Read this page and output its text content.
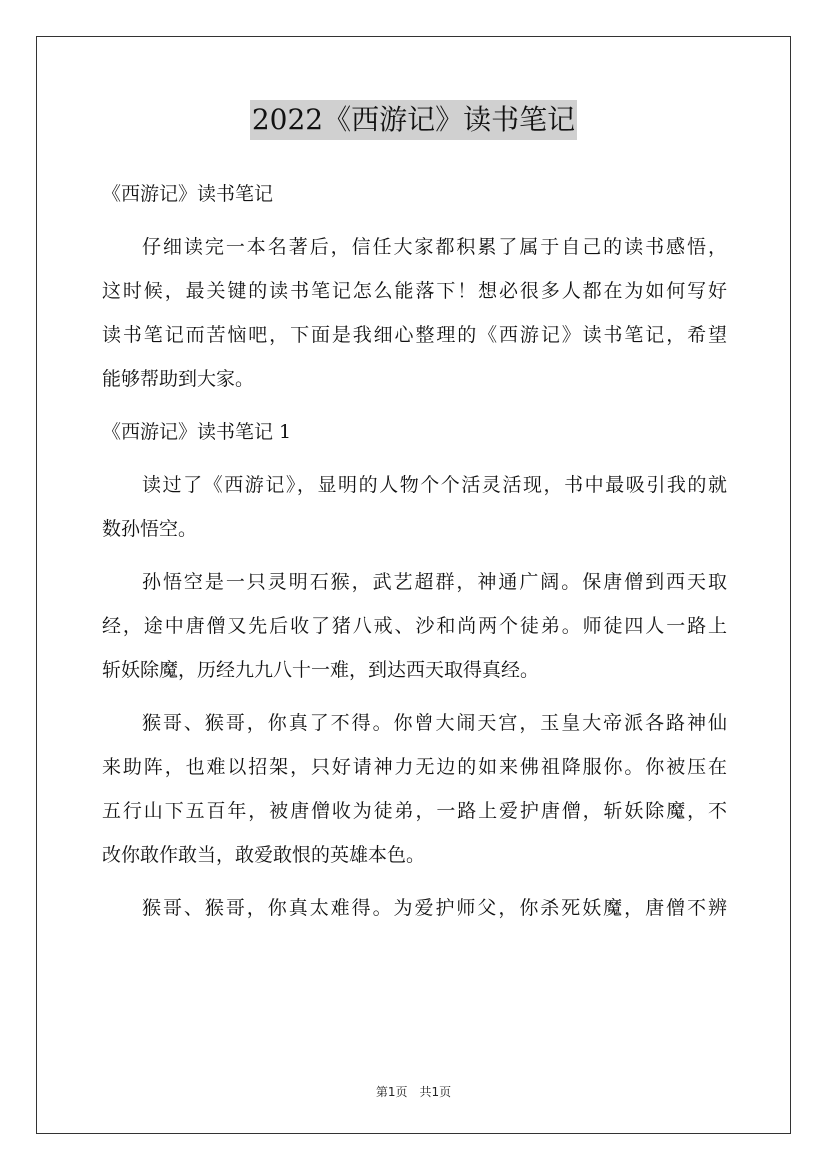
2022《西游记》读书笔记
《西游记》读书笔记
仔细读完一本名著后，信任大家都积累了属于自己的读书感悟，
这时候，最关键的读书笔记怎么能落下！想必很多人都在为如何写好
读书笔记而苦恼吧，下面是我细心整理的《西游记》读书笔记，希望
能够帮助到大家。
《西游记》读书笔记 1
读过了《西游记》，显明的人物个个活灵活现，书中最吸引我的就
数孙悟空。
孙悟空是一只灵明石猴，武艺超群，神通广阔。保唐僧到西天取
经，途中唐僧又先后收了猪八戒、沙和尚两个徒弟。师徒四人一路上
斩妖除魔，历经九九八十一难，到达西天取得真经。
猴哥、猴哥，你真了不得。你曾大闹天宫，玉皇大帝派各路神仙
来助阵，也难以招架，只好请神力无边的如来佛祖降服你。你被压在
五行山下五百年，被唐僧收为徒弟，一路上爱护唐僧，斩妖除魔，不
改你敢作敢当，敢爱敢恨的英雄本色。
猴哥、猴哥，你真太难得。为爱护师父，你杀死妖魔，唐僧不辨
第1页　共1页
